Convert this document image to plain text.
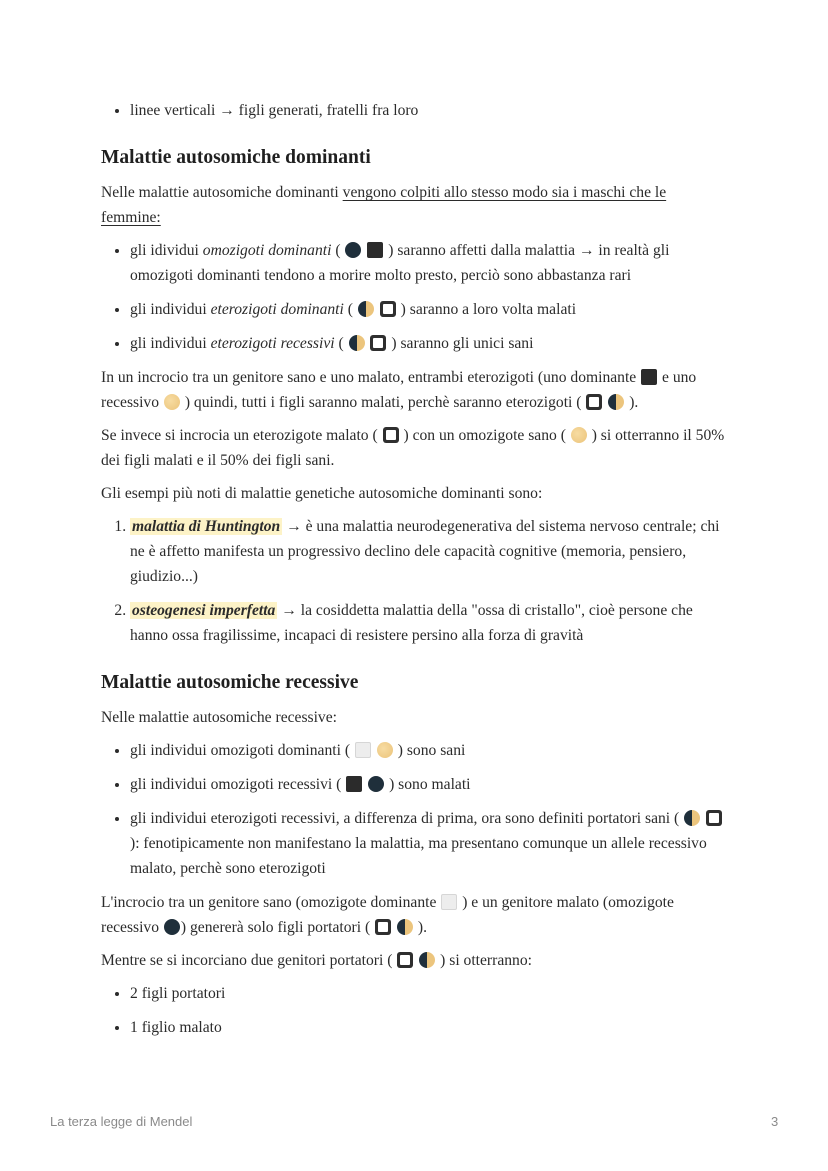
• linee verticali → figli generati, fratelli fra loro
Malattie autosomiche dominanti

Nelle malattie autosomiche dominanti vengono colpiti allo stesso modo sia i maschi che le femmine:

• gli idividui omozigoti dominanti (	) saranno affetti dalla malattia → in realtà gli omozigoti dominanti tendono a morire molto presto, perciò sono abbastanza rari
• gli individui eterozigoti dominanti (	) saranno a loro volta malati
• gli individui eterozigoti recessivi (	) saranno gli unici sani

In un incrocio tra un genitore sano e uno malato, entrambi eterozigoti (uno dominante  e uno recessivo  ) quindi, tutti i figli saranno malati, perchè saranno eterozigoti (	).

Se invece si incrocia un eterozigote malato ( ) con un omozigote sano ( ) si otterranno il 50% dei figli malati e il 50% dei figli sani.

Gli esempi più noti di malattie genetiche autosomiche dominanti sono:

1. malattia di Huntington → è una malattia neurodegenerativa del sistema nervoso centrale; chi ne è affetto manifesta un progressivo declino dele capacità cognitive (memoria, pensiero, giudizio...)
2. osteogenesi imperfetta → la cosiddetta malattia della "ossa di cristallo", cioè persone che hanno ossa fragilissime, incapaci di resistere persino alla forza di gravità
Malattie autosomiche recessive

Nelle malattie autosomiche recessive:

• gli individui omozigoti dominanti (	) sono sani
• gli individui omozigoti recessivi (	) sono malati
• gli individui eterozigoti recessivi, a differenza di prima, ora sono definiti portatori sani (   ): fenotipicamente non manifestano la malattia, ma presentano comunque un allele recessivo malato, perchè sono eterozigoti

L'incrocio tra un genitore sano (omozigote dominante  ) e un genitore malato (omozigote recessivo ) genererà solo figli portatori (	).

Mentre se si incorciano due genitori portatori (	) si otterranno:

• 2 figli portatori
• 1 figlio malato
La terza legge di Mendel	3
